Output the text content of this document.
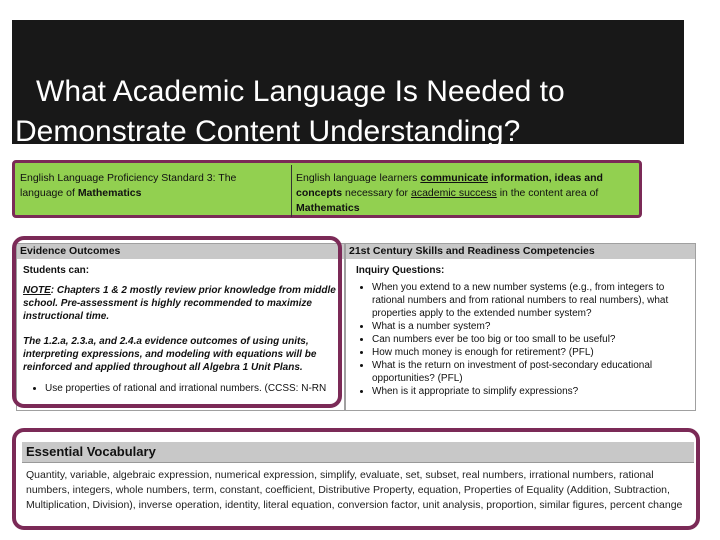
What Academic Language Is Needed to
Demonstrate Content Understanding?
English Language Proficiency Standard 3: The language of Mathematics
English language learners communicate information, ideas and concepts necessary for academic success in the content area of Mathematics
Evidence Outcomes	21st Century Skills and Readiness Competencies

Students can:

NOTE: Chapters 1 & 2 mostly review prior knowledge from middle school. Pre-assessment is highly recommended to maximize instructional time.

The 1.2.a, 2.3.a, and 2.4.a evidence outcomes of using units, interpreting expressions, and modeling with equations will be reinforced and applied throughout all Algebra 1 Unit Plans.

• Use properties of rational and irrational numbers. (CCSS: N-RN
Inquiry Questions:
• When you extend to a new number systems (e.g., from integers to rational numbers and from rational numbers to real numbers), what properties apply to the extended number system?
• What is a number system?
• Can numbers ever be too big or too small to be useful?
• How much money is enough for retirement? (PFL)
• What is the return on investment of post-secondary educational opportunities? (PFL)
• When is it appropriate to simplify expressions?
Essential Vocabulary
Quantity, variable, algebraic expression, numerical expression, simplify, evaluate, set, subset, real numbers, irrational numbers, rational numbers, integers, whole numbers, term, constant, coefficient, Distributive Property, equation, Properties of Equality (Addition, Subtraction, Multiplication, Division), inverse operation, identity, literal equation, conversion factor, unit analysis, proportion, similar figures, percent change
